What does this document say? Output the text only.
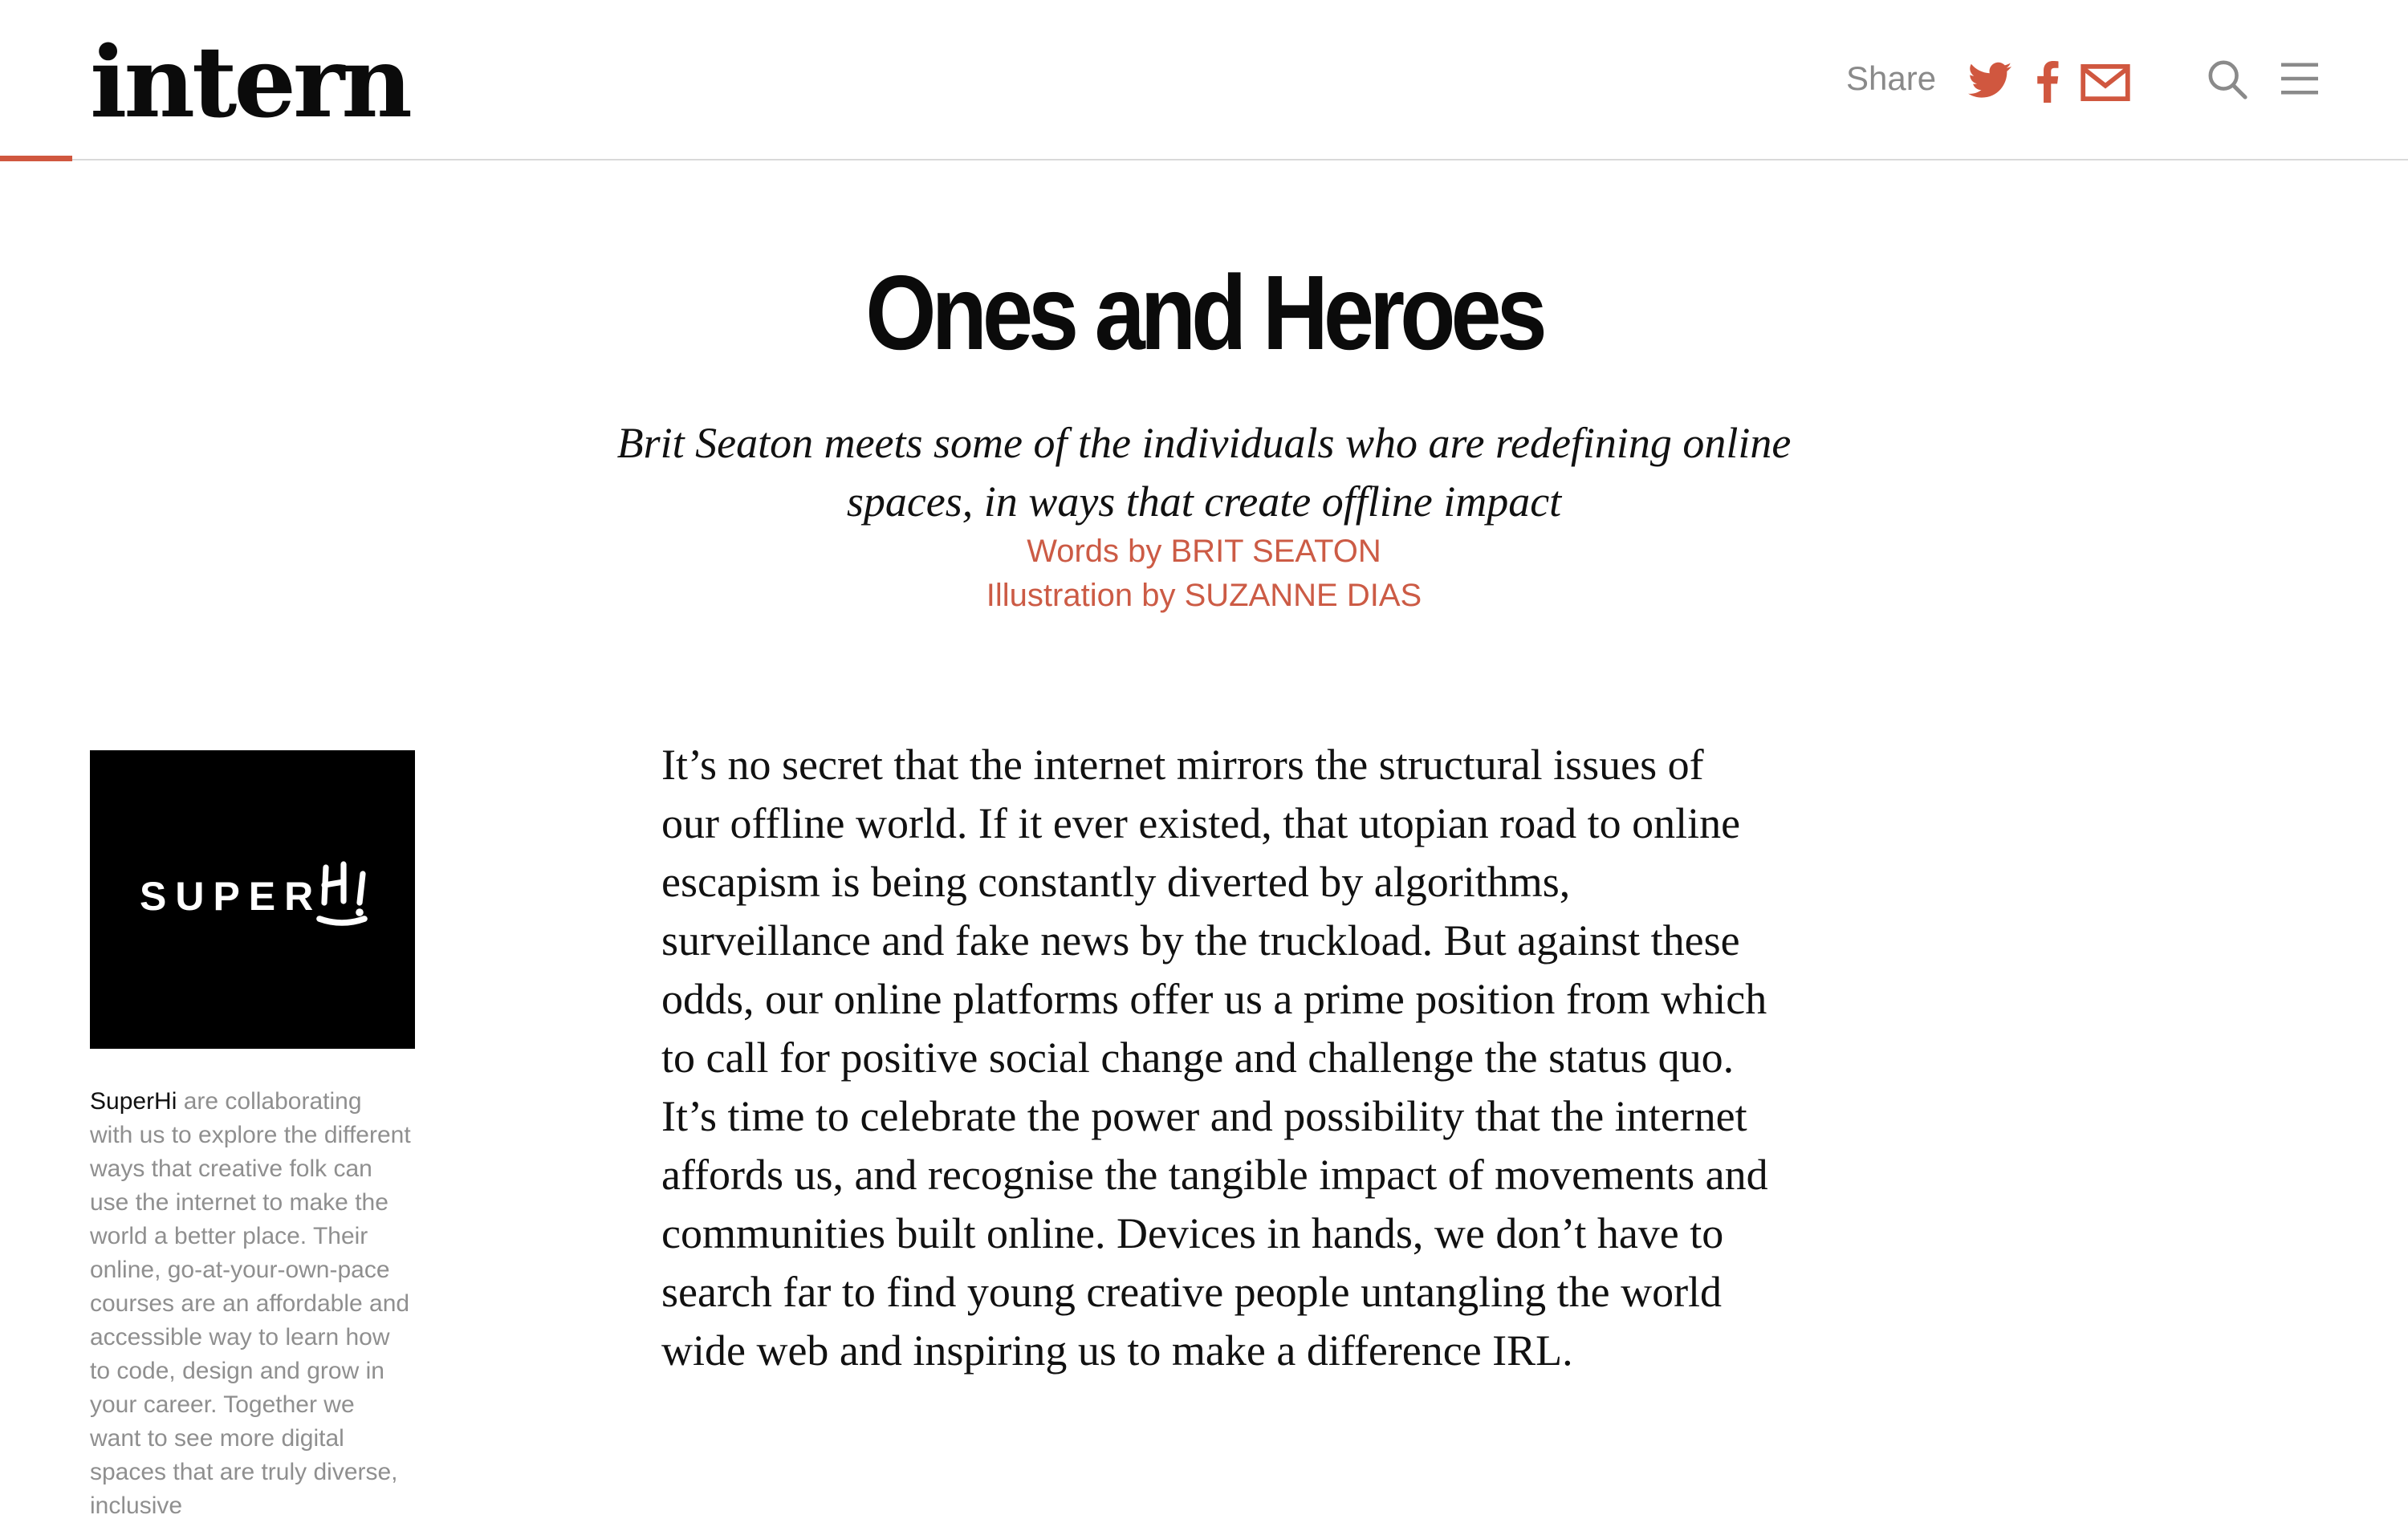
intern	Share
Ones and Heroes

Brit Seaton meets some of the individuals who are redefining online spaces, in ways that create offline impact

Words by BRIT SEATON
Illustration by SUZANNE DIAS
SUPER
SuperHi are collaborating with us to explore the different ways that creative folk can use the internet to make the world a better place. Their online, go-at-your-own-pace courses are an affordable and accessible way to learn how to code, design and grow in your career. Together we want to see more digital spaces that are truly diverse, inclusive

It’s no secret that the internet mirrors the structural issues of our offline world. If it ever existed, that utopian road to online escapism is being constantly diverted by algorithms, surveillance and fake news by the truckload. But against these odds, our online platforms offer us a prime position from which to call for positive social change and challenge the status quo. It’s time to celebrate the power and possibility that the internet affords us, and recognise the tangible impact of movements and communities built online. Devices in hands, we don’t have to search far to find young creative people untangling the world wide web and inspiring us to make a difference IRL.
